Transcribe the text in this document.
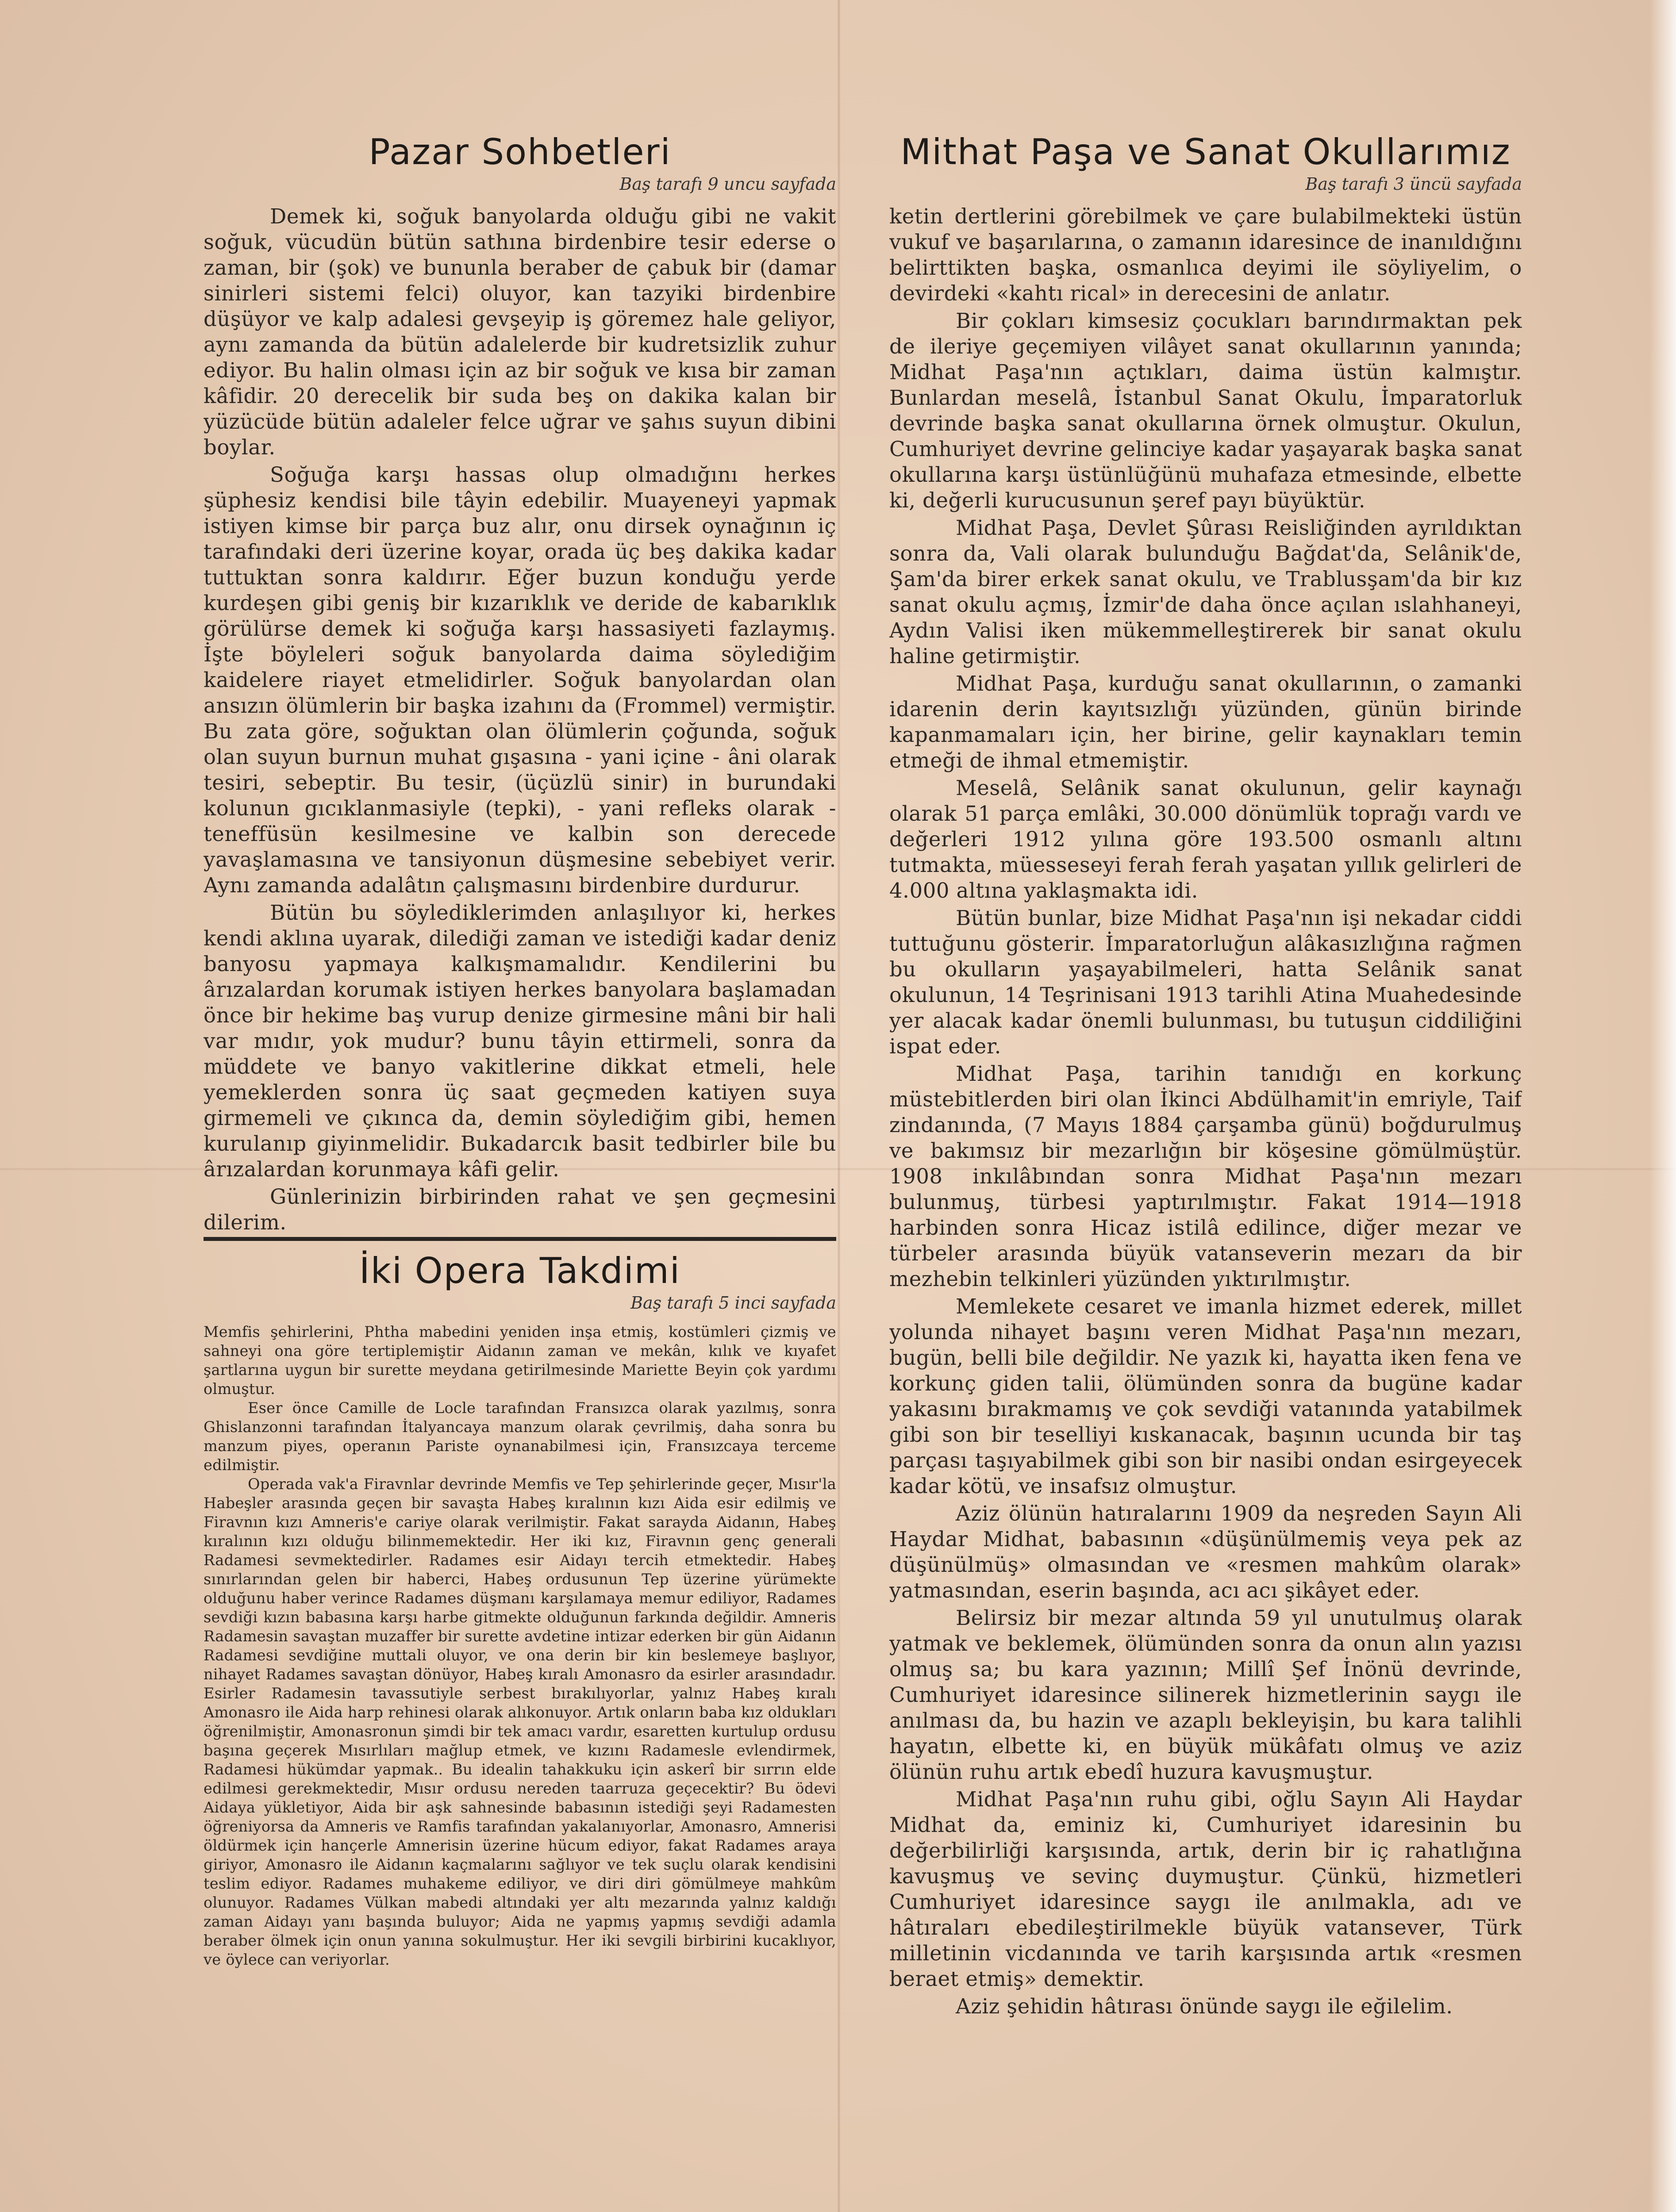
Pazar Sohbetleri
Baş tarafı 9 uncu sayfada

Demek ki, soğuk banyolarda olduğu gibi ne vakit soğuk, vücudün bütün sathına birdenbire tesir ederse o zaman, bir (şok) ve bununla beraber de çabuk bir (damar sinirleri sistemi felci) oluyor, kan tazyiki birdenbire düşüyor ve kalp adalesi gevşeyip iş göremez hale geliyor, aynı zamanda da bütün adalelerde bir kudretsizlik zuhur ediyor. Bu halin olması için az bir soğuk ve kısa bir zaman kâfidir. 20 derecelik bir suda beş on dakika kalan bir yüzücüde bütün adaleler felce uğrar ve şahıs suyun dibini boylar.

Soğuğa karşı hassas olup olmadığını herkes şüphesiz kendisi bile tâyin edebilir. Muayeneyi yapmak istiyen kimse bir parça buz alır, onu dirsek oynağının iç tarafındaki deri üzerine koyar, orada üç beş dakika kadar tuttuktan sonra kaldırır. Eğer buzun konduğu yerde kurdeşen gibi geniş bir kızarıklık ve deride de kabarıklık görülürse demek ki soğuğa karşı hassasiyeti fazlaymış. İşte böyleleri soğuk banyolarda daima söylediğim kaidelere riayet etmelidirler. Soğuk banyolardan olan ansızın ölümlerin bir başka izahını da (Frommel) vermiştir. Bu zata göre, soğuktan olan ölümlerin çoğunda, soğuk olan suyun burnun muhat gışasına - yani içine - âni olarak tesiri, sebeptir. Bu tesir, (üçüzlü sinir) in burundaki kolunun gıcıklanmasiyle (tepki), - yani refleks olarak - teneffüsün kesilmesine ve kalbin son derecede yavaşlamasına ve tansiyonun düşmesine sebebiyet verir. Aynı zamanda adalâtın çalışmasını birdenbire durdurur.

Bütün bu söylediklerimden anlaşılıyor ki, herkes kendi aklına uyarak, dilediği zaman ve istediği kadar deniz banyosu yapmaya kalkışmamalıdır. Kendilerini bu ârızalardan korumak istiyen herkes banyolara başlamadan önce bir hekime baş vurup denize girmesine mâni bir hali var mıdır, yok mudur? bunu tâyin ettirmeli, sonra da müddete ve banyo vakitlerine dikkat etmeli, hele yemeklerden sonra üç saat geçmeden katiyen suya girmemeli ve çıkınca da, demin söylediğim gibi, hemen kurulanıp giyinmelidir. Bukadarcık basit tedbirler bile bu ârızalardan korunmaya kâfi gelir.

Günlerinizin birbirinden rahat ve şen geçmesini dilerim.

İki Opera Takdimi
Baş tarafı 5 inci sayfada

Memfis şehirlerini, Phtha mabedini yeniden inşa etmiş, kostümleri çizmiş ve sahneyi ona göre tertiplemiştir Aidanın zaman ve mekân, kılık ve kıyafet şartlarına uygun bir surette meydana getirilmesinde Mariette Beyin çok yardımı olmuştur.

Eser önce Camille de Locle tarafından Fransızca olarak yazılmış, sonra Ghislanzonni tarafından İtalyancaya manzum olarak çevrilmiş, daha sonra bu manzum piyes, operanın Pariste oynanabilmesi için, Fransızcaya terceme edilmiştir.

Operada vak'a Firavnlar devrinde Memfis ve Tep şehirlerinde geçer, Mısır'la Habeşler arasında geçen bir savaşta Habeş kıralının kızı Aida esir edilmiş ve Firavnın kızı Amneris'e cariye olarak verilmiştir. Fakat sarayda Aidanın, Habeş kıralının kızı olduğu bilinmemektedir. Her iki kız, Firavnın genç generali Radamesi sevmektedirler. Radames esir Aidayı tercih etmektedir. Habeş sınırlarından gelen bir haberci, Habeş ordusunun Tep üzerine yürümekte olduğunu haber verince Radames düşmanı karşılamaya memur ediliyor, Radames sevdiği kızın babasına karşı harbe gitmekte olduğunun farkında değildir. Amneris Radamesin savaştan muzaffer bir surette avdetine intizar ederken bir gün Aidanın Radamesi sevdiğine muttali oluyor, ve ona derin bir kin beslemeye başlıyor, nihayet Radames savaştan dönüyor, Habeş kıralı Amonasro da esirler arasındadır. Esirler Radamesin tavassutiyle serbest bırakılıyorlar, yalnız Habeş kıralı Amonasro ile Aida harp rehinesi olarak alıkonuyor. Artık onların baba kız oldukları öğrenilmiştir, Amonasronun şimdi bir tek amacı vardır, esaretten kurtulup ordusu başına geçerek Mısırlıları mağlup etmek, ve kızını Radamesle evlendirmek, Radamesi hükümdar yapmak.. Bu idealin tahakkuku için askerî bir sırrın elde edilmesi gerekmektedir, Mısır ordusu nereden taarruza geçecektir? Bu ödevi Aidaya yükletiyor, Aida bir aşk sahnesinde babasının istediği şeyi Radamesten öğreniyorsa da Amneris ve Ramfis tarafından yakalanıyorlar, Amonasro, Amnerisi öldürmek için hançerle Amnerisin üzerine hücum ediyor, fakat Radames araya giriyor, Amonasro ile Aidanın kaçmalarını sağlıyor ve tek suçlu olarak kendisini teslim ediyor. Radames muhakeme ediliyor, ve diri diri gömülmeye mahkûm olunuyor. Radames Vülkan mabedi altındaki yer altı mezarında yalnız kaldığı zaman Aidayı yanı başında buluyor; Aida ne yapmış yapmış sevdiği adamla beraber ölmek için onun yanına sokulmuştur. Her iki sevgili birbirini kucaklıyor, ve öylece can veriyorlar.

Mithat Paşa ve Sanat Okullarımız
Baş tarafı 3 üncü sayfada

ketin dertlerini görebilmek ve çare bulabilmekteki üstün vukuf ve başarılarına, o zamanın idaresince de inanıldığını belirttikten başka, osmanlıca deyimi ile söyliyelim, o devirdeki «kahtı rical» in derecesini de anlatır.

Bir çokları kimsesiz çocukları barındırmaktan pek de ileriye geçemiyen vilâyet sanat okullarının yanında; Midhat Paşa'nın açtıkları, daima üstün kalmıştır. Bunlardan meselâ, İstanbul Sanat Okulu, İmparatorluk devrinde başka sanat okullarına örnek olmuştur. Okulun, Cumhuriyet devrine gelinciye kadar yaşayarak başka sanat okullarına karşı üstünlüğünü muhafaza etmesinde, elbette ki, değerli kurucusunun şeref payı büyüktür.

Midhat Paşa, Devlet Şûrası Reisliğinden ayrıldıktan sonra da, Vali olarak bulunduğu Bağdat'da, Selânik'de, Şam'da birer erkek sanat okulu, ve Trablusşam'da bir kız sanat okulu açmış, İzmir'de daha önce açılan ıslahhaneyi, Aydın Valisi iken mükemmelleştirerek bir sanat okulu haline getirmiştir.

Midhat Paşa, kurduğu sanat okullarının, o zamanki idarenin derin kayıtsızlığı yüzünden, günün birinde kapanmamaları için, her birine, gelir kaynakları temin etmeği de ihmal etmemiştir.

Meselâ, Selânik sanat okulunun, gelir kaynağı olarak 51 parça emlâki, 30.000 dönümlük toprağı vardı ve değerleri 1912 yılına göre 193.500 osmanlı altını tutmakta, müesseseyi ferah ferah yaşatan yıllık gelirleri de 4.000 altına yaklaşmakta idi.

Bütün bunlar, bize Midhat Paşa'nın işi nekadar ciddi tuttuğunu gösterir. İmparatorluğun alâkasızlığına rağmen bu okulların yaşayabilmeleri, hatta Selânik sanat okulunun, 14 Teşrinisani 1913 tarihli Atina Muahedesinde yer alacak kadar önemli bulunması, bu tutuşun ciddiliğini ispat eder.

Midhat Paşa, tarihin tanıdığı en korkunç müstebitlerden biri olan İkinci Abdülhamit'in emriyle, Taif zindanında, (7 Mayıs 1884 çarşamba günü) boğdurulmuş ve bakımsız bir mezarlığın bir köşesine gömülmüştür. 1908 inkılâbından sonra Midhat Paşa'nın mezarı bulunmuş, türbesi yaptırılmıştır. Fakat 1914—1918 harbinden sonra Hicaz istilâ edilince, diğer mezar ve türbeler arasında büyük vatanseverin mezarı da bir mezhebin telkinleri yüzünden yıktırılmıştır.

Memlekete cesaret ve imanla hizmet ederek, millet yolunda nihayet başını veren Midhat Paşa'nın mezarı, bugün, belli bile değildir. Ne yazık ki, hayatta iken fena ve korkunç giden talii, ölümünden sonra da bugüne kadar yakasını bırakmamış ve çok sevdiği vatanında yatabilmek gibi son bir teselliyi kıskanacak, başının ucunda bir taş parçası taşıyabilmek gibi son bir nasibi ondan esirgeyecek kadar kötü, ve insafsız olmuştur.

Aziz ölünün hatıralarını 1909 da neşreden Sayın Ali Haydar Midhat, babasının «düşünülmemiş veya pek az düşünülmüş» olmasından ve «resmen mahkûm olarak» yatmasından, eserin başında, acı acı şikâyet eder.

Belirsiz bir mezar altında 59 yıl unutulmuş olarak yatmak ve beklemek, ölümünden sonra da onun alın yazısı olmuş sa; bu kara yazının; Millî Şef İnönü devrinde, Cumhuriyet idaresince silinerek hizmetlerinin saygı ile anılması da, bu hazin ve azaplı bekleyişin, bu kara talihli hayatın, elbette ki, en büyük mükâfatı olmuş ve aziz ölünün ruhu artık ebedî huzura kavuşmuştur.

Midhat Paşa'nın ruhu gibi, oğlu Sayın Ali Haydar Midhat da, eminiz ki, Cumhuriyet idaresinin bu değerbilirliği karşısında, artık, derin bir iç rahatlığına kavuşmuş ve sevinç duymuştur. Çünkü, hizmetleri Cumhuriyet idaresince saygı ile anılmakla, adı ve hâtıraları ebedileştirilmekle büyük vatansever, Türk milletinin vicdanında ve tarih karşısında artık «resmen beraet etmiş» demektir.

Aziz şehidin hâtırası önünde saygı ile eğilelim.
